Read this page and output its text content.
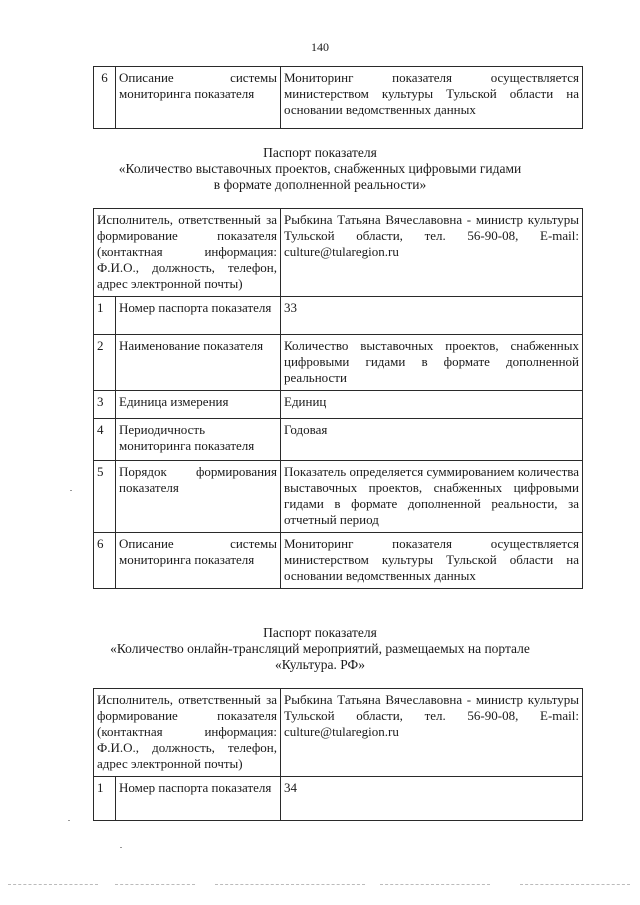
140
6	Описание системы мониторинга показателя	Мониторинг показателя осуществляется министерством культуры Тульской области на основании ведомственных данных
Паспорт показателя
«Количество выставочных проектов, снабженных цифровыми гидами
в формате дополненной реальности»
Исполнитель, ответственный за формирование показателя (контактная информация: Ф.И.О., должность, телефон, адрес электронной почты)		Рыбкина Татьяна Вячеславовна - министр культуры Тульской области, тел. 56-90-08, E-mail: culture@tularegion.ru
1	Номер паспорта показателя	33
2	Наименование показателя	Количество выставочных проектов, снабженных цифровыми гидами в формате дополненной реальности
3	Единица измерения	Единиц
4	Периодичность мониторинга показателя	Годовая
5	Порядок формирования показателя	Показатель определяется суммированием количества выставочных проектов, снабженных цифровыми гидами в формате дополненной реальности, за отчетный период
6	Описание системы мониторинга показателя	Мониторинг показателя осуществляется министерством культуры Тульской области на основании ведомственных данных
Паспорт показателя
«Количество онлайн-трансляций мероприятий, размещаемых на портале
«Культура. РФ»
Исполнитель, ответственный за формирование показателя (контактная информация: Ф.И.О., должность, телефон, адрес электронной почты)		Рыбкина Татьяна Вячеславовна - министр культуры Тульской области, тел. 56-90-08, E-mail: culture@tularegion.ru
1	Номер паспорта показателя	34
